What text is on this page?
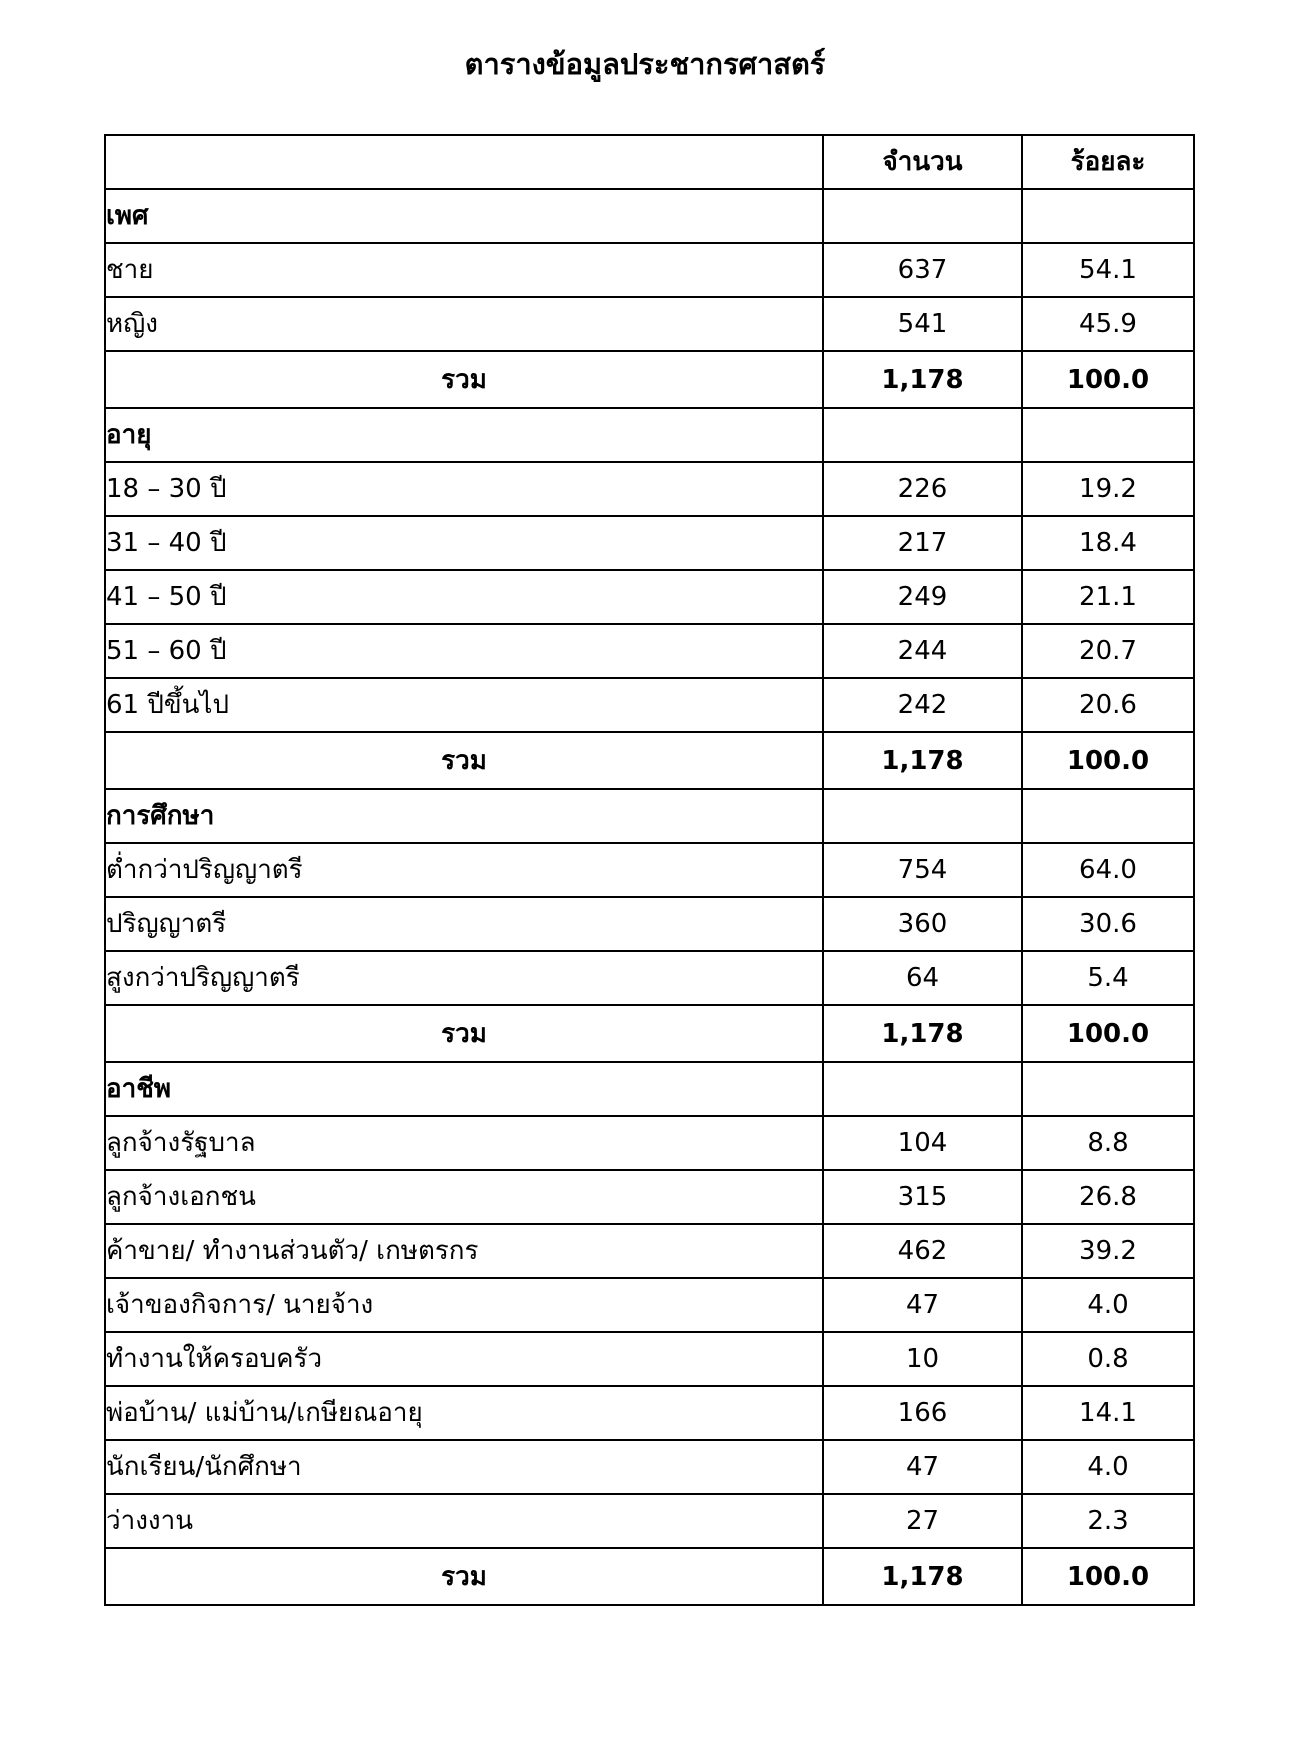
ตารางข้อมูลประชากรศาสตร์
	จำนวน	ร้อยละ
เพศ		
ชาย	637	54.1
หญิง	541	45.9
รวม	1,178	100.0
อายุ		
18 – 30 ปี	226	19.2
31 – 40 ปี	217	18.4
41 – 50 ปี	249	21.1
51 – 60 ปี	244	20.7
61 ปีขึ้นไป	242	20.6
รวม	1,178	100.0
การศึกษา		
ต่ำกว่าปริญญาตรี	754	64.0
ปริญญาตรี	360	30.6
สูงกว่าปริญญาตรี	64	5.4
รวม	1,178	100.0
อาชีพ		
ลูกจ้างรัฐบาล	104	8.8
ลูกจ้างเอกชน	315	26.8
ค้าขาย/ ทำงานส่วนตัว/ เกษตรกร	462	39.2
เจ้าของกิจการ/ นายจ้าง	47	4.0
ทำงานให้ครอบครัว	10	0.8
พ่อบ้าน/ แม่บ้าน/เกษียณอายุ	166	14.1
นักเรียน/นักศึกษา	47	4.0
ว่างงาน	27	2.3
รวม	1,178	100.0
